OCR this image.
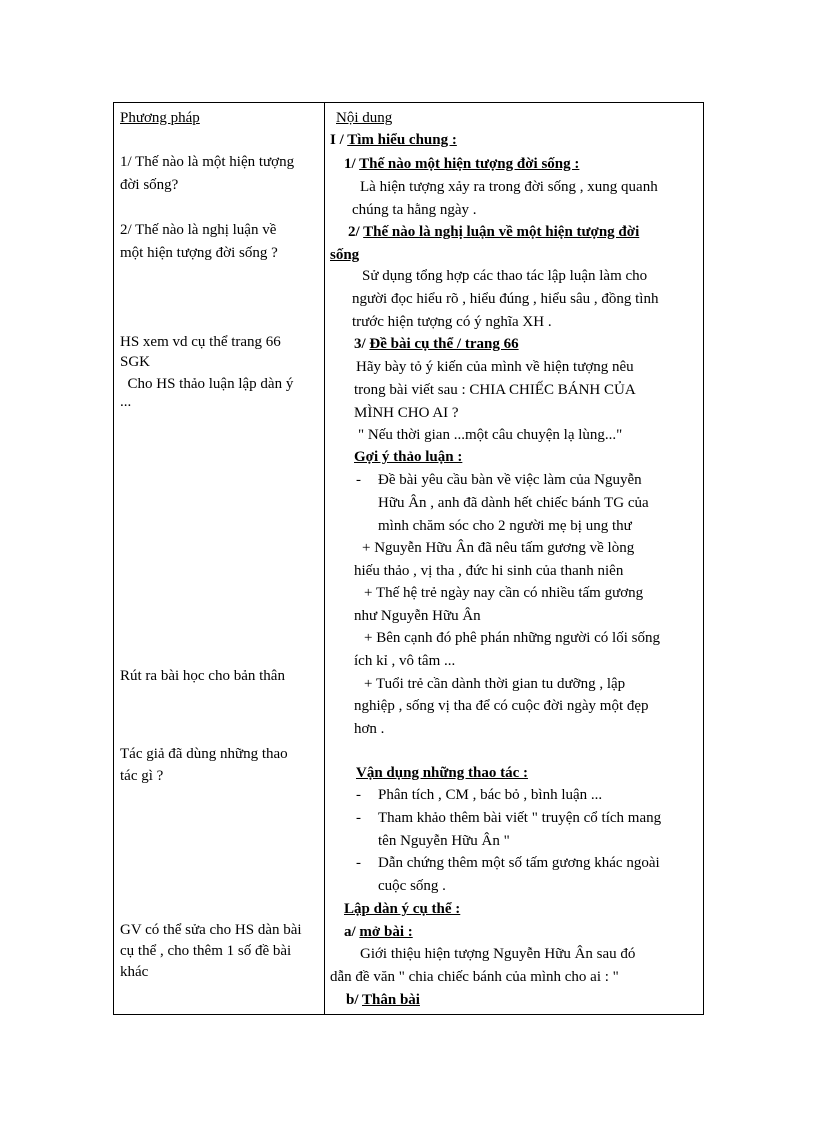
Phương pháp
1/ Thế nào là một hiện tượng
đời sống?
2/ Thế nào là nghị luận về
một hiện tượng đời sống ?
HS xem vd cụ thể trang 66
SGK
Cho HS thảo luận lập dàn ý
...
Rút ra bài học cho bản thân
Tác giả đã dùng những thao
tác gì ?
GV có thể sửa cho HS dàn bài
cụ thể , cho thêm 1 số đề bài
khác
Nội dung
I / Tìm hiểu chung :
1/ Thế nào một hiện tượng đời sống :
Là hiện tượng xảy ra trong đời sống , xung quanh
chúng ta hằng ngày .
2/ Thế nào là nghị luận về một hiện tượng đời
sống
Sử dụng tổng hợp các thao tác lập luận làm cho
người đọc hiểu rõ , hiểu đúng , hiểu sâu , đồng tình
trước hiện tượng có ý nghĩa XH .
3/ Đề bài cụ thể / trang 66
Hãy bày tỏ ý kiến của mình về hiện tượng nêu
trong bài viết sau : CHIA CHIẾC BÁNH CỦA
MÌNH CHO AI ?
" Nếu thời gian ...một câu chuyện lạ lùng..."
Gợi ý thảo luận :
- Đề bài yêu cầu bàn về việc làm của Nguyễn
Hữu Ân , anh đã dành hết chiếc bánh TG của
mình chăm sóc cho 2 người mẹ bị ung thư
+ Nguyễn Hữu Ân đã nêu tấm gương về lòng
hiếu thảo , vị tha , đức hi sinh của thanh niên
+ Thế hệ trẻ ngày nay cần có nhiều tấm gương
như Nguyễn Hữu Ân
+ Bên cạnh đó phê phán những người có lối sống
ích kỉ , vô tâm ...
+ Tuổi trẻ cần dành thời gian tu dưỡng , lập
nghiệp , sống vị tha để có cuộc đời ngày một đẹp
hơn .
Vận dụng những thao tác :
- Phân tích , CM , bác bỏ , bình luận ...
- Tham khảo thêm bài viết " truyện cổ tích mang
tên Nguyễn Hữu Ân "
- Dẫn chứng thêm một số tấm gương khác ngoài
cuộc sống .
Lập dàn ý cụ thể :
a/ mở bài :
Giới thiệu hiện tượng Nguyễn Hữu Ân sau đó
dẫn đề văn " chia chiếc bánh của mình cho ai : "
b/ Thân bài
